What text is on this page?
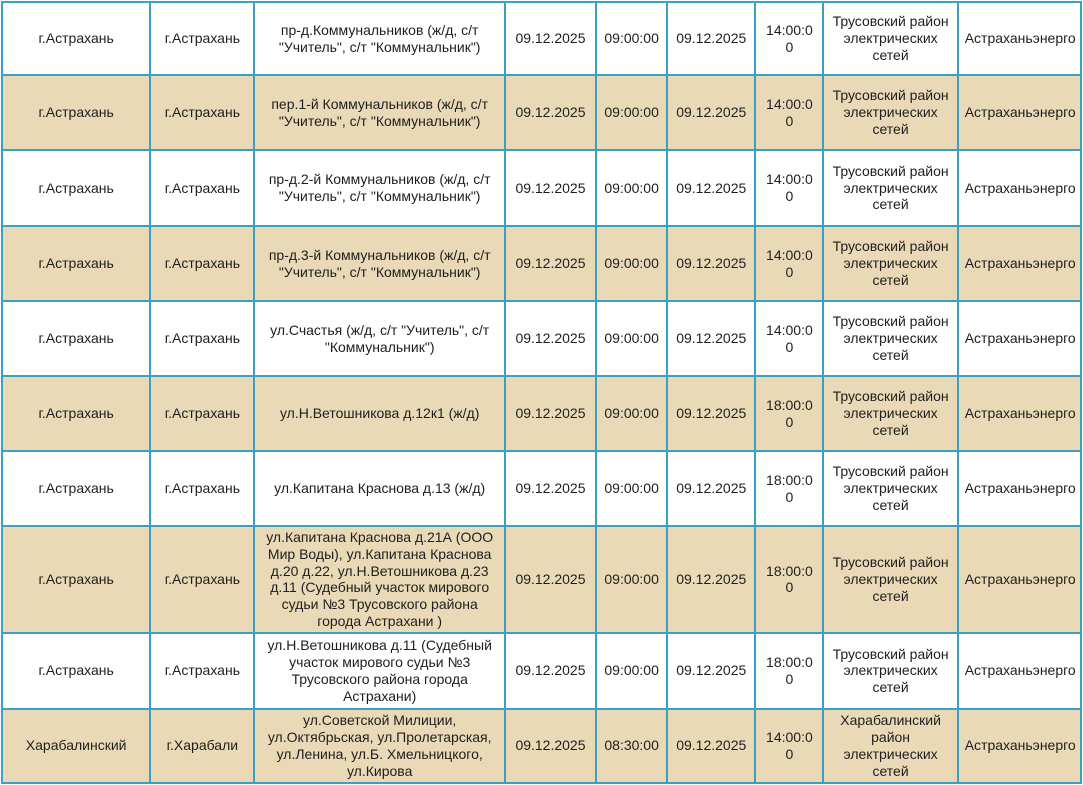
г.Астрахань	г.Астрахань	пр-д.Коммунальников (ж/д, с/т "Учитель", с/т "Коммунальник")	09.12.2025	09:00:00	09.12.2025	14:00:00	Трусовский район электрических сетей	Астраханьэнерго
г.Астрахань	г.Астрахань	пер.1-й Коммунальников (ж/д, с/т "Учитель", с/т "Коммунальник")	09.12.2025	09:00:00	09.12.2025	14:00:00	Трусовский район электрических сетей	Астраханьэнерго
г.Астрахань	г.Астрахань	пр-д.2-й Коммунальников (ж/д, с/т "Учитель", с/т "Коммунальник")	09.12.2025	09:00:00	09.12.2025	14:00:00	Трусовский район электрических сетей	Астраханьэнерго
г.Астрахань	г.Астрахань	пр-д.3-й Коммунальников (ж/д, с/т "Учитель", с/т "Коммунальник")	09.12.2025	09:00:00	09.12.2025	14:00:00	Трусовский район электрических сетей	Астраханьэнерго
г.Астрахань	г.Астрахань	ул.Счастья (ж/д, с/т "Учитель", с/т "Коммунальник")	09.12.2025	09:00:00	09.12.2025	14:00:00	Трусовский район электрических сетей	Астраханьэнерго
г.Астрахань	г.Астрахань	ул.Н.Ветошникова д.12к1 (ж/д)	09.12.2025	09:00:00	09.12.2025	18:00:00	Трусовский район электрических сетей	Астраханьэнерго
г.Астрахань	г.Астрахань	ул.Капитана Краснова д.13 (ж/д)	09.12.2025	09:00:00	09.12.2025	18:00:00	Трусовский район электрических сетей	Астраханьэнерго
г.Астрахань	г.Астрахань	ул.Капитана Краснова д.21А (ООО Мир Воды), ул.Капитана Краснова д.20 д.22, ул.Н.Ветошникова д.23 д.11 (Судебный участок мирового судьи №3 Трусовского района города Астрахани )	09.12.2025	09:00:00	09.12.2025	18:00:00	Трусовский район электрических сетей	Астраханьэнерго
г.Астрахань	г.Астрахань	ул.Н.Ветошникова д.11 (Судебный участок мирового судьи №3 Трусовского района города Астрахани)	09.12.2025	09:00:00	09.12.2025	18:00:00	Трусовский район электрических сетей	Астраханьэнерго
Харабалинский	г.Харабали	ул.Советской Милиции, ул.Октябрьская, ул.Пролетарская, ул.Ленина, ул.Б. Хмельницкого, ул.Кирова	09.12.2025	08:30:00	09.12.2025	14:00:00	Харабалинский район электрических сетей	Астраханьэнерго
